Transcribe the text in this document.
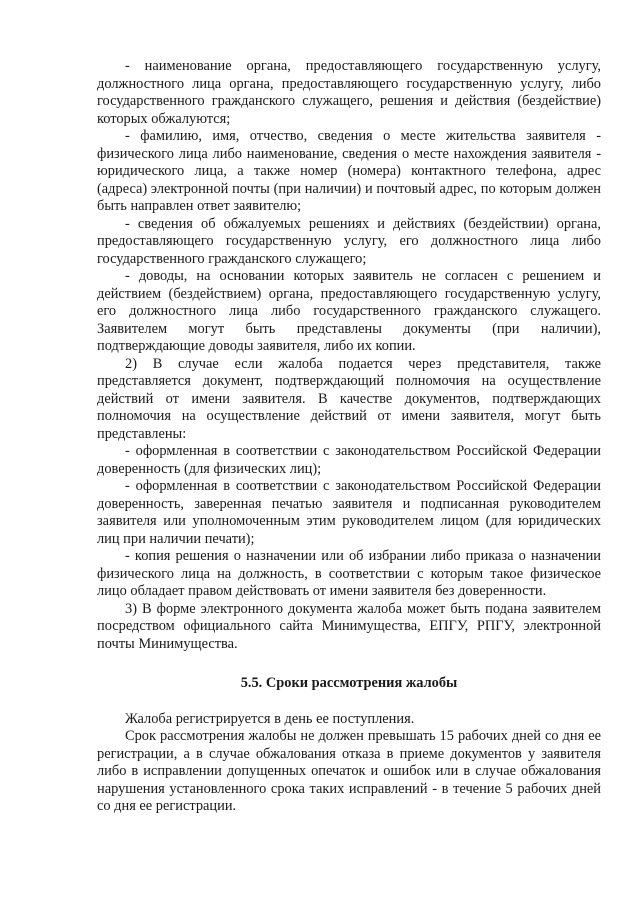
- наименование органа, предоставляющего государственную услугу, должностного лица органа, предоставляющего государственную услугу, либо государственного гражданского служащего, решения и действия (бездействие) которых обжалуются;

- фамилию, имя, отчество, сведения о месте жительства заявителя - физического лица либо наименование, сведения о месте нахождения заявителя - юридического лица, а также номер (номера) контактного телефона, адрес (адреса) электронной почты (при наличии) и почтовый адрес, по которым должен быть направлен ответ заявителю;

- сведения об обжалуемых решениях и действиях (бездействии) органа, предоставляющего государственную услугу, его должностного лица либо государственного гражданского служащего;

- доводы, на основании которых заявитель не согласен с решением и действием (бездействием) органа, предоставляющего государственную услугу, его должностного лица либо государственного гражданского служащего. Заявителем могут быть представлены документы (при наличии), подтверждающие доводы заявителя, либо их копии.

2) В случае если жалоба подается через представителя, также представляется документ, подтверждающий полномочия на осуществление действий от имени заявителя. В качестве документов, подтверждающих полномочия на осуществление действий от имени заявителя, могут быть представлены:

- оформленная в соответствии с законодательством Российской Федерации доверенность (для физических лиц);

- оформленная в соответствии с законодательством Российской Федерации доверенность, заверенная печатью заявителя и подписанная руководителем заявителя или уполномоченным этим руководителем лицом (для юридических лиц при наличии печати);

- копия решения о назначении или об избрании либо приказа о назначении физического лица на должность, в соответствии с которым такое физическое лицо обладает правом действовать от имени заявителя без доверенности.

3) В форме электронного документа жалоба может быть подана заявителем посредством официального сайта Минимущества, ЕПГУ, РПГУ, электронной почты Минимущества.

5.5. Сроки рассмотрения жалобы

Жалоба регистрируется в день ее поступления.

Срок рассмотрения жалобы не должен превышать 15 рабочих дней со дня ее регистрации, а в случае обжалования отказа в приеме документов у заявителя либо в исправлении допущенных опечаток и ошибок или в случае обжалования нарушения установленного срока таких исправлений - в течение 5 рабочих дней со дня ее регистрации.
